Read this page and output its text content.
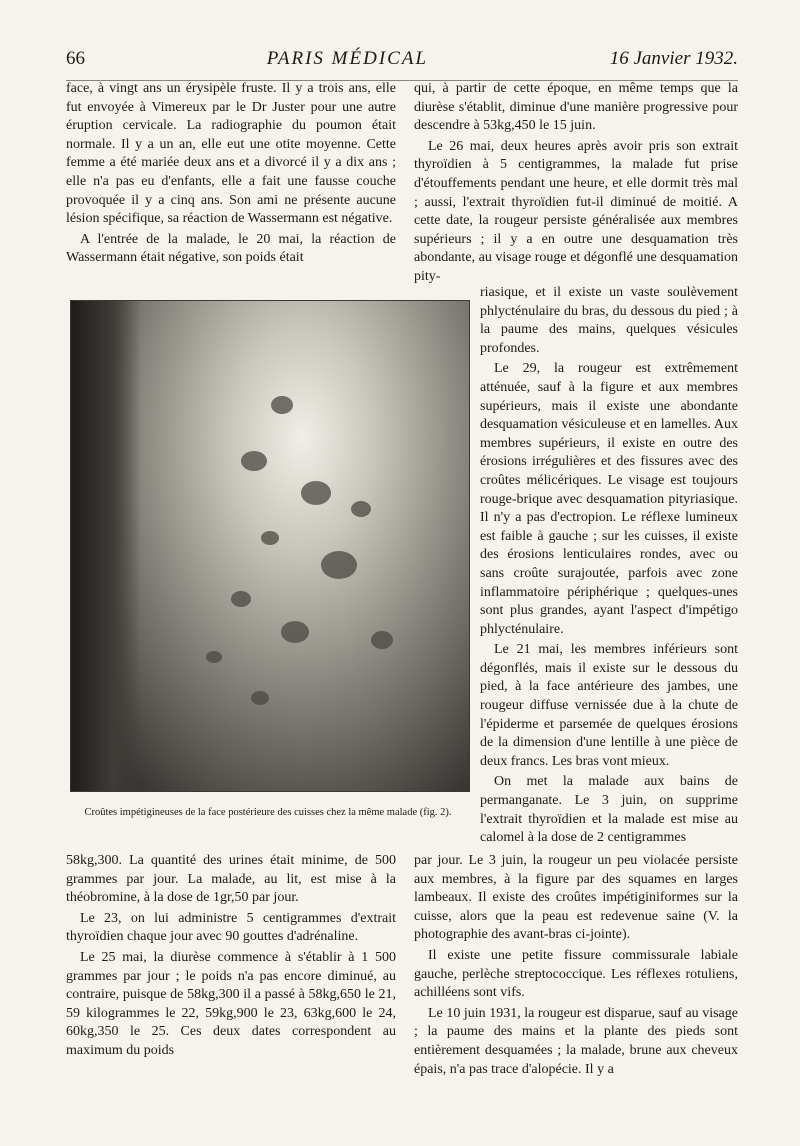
66	PARIS MÉDICAL	16 Janvier 1932.

face, à vingt ans un érysipèle fruste. Il y a trois ans, elle fut envoyée à Vimereux par le Dr Juster pour une autre éruption cervicale. La radiographie du poumon était normale. Il y a un an, elle eut une otite moyenne. Cette femme a été mariée deux ans et a divorcé il y a dix ans ; elle n'a pas eu d'enfants, elle a fait une fausse couche provoquée il y a cinq ans. Son ami ne présente aucune lésion spécifique, sa réaction de Wassermann est négative.

A l'entrée de la malade, le 20 mai, la réaction de Wassermann était négative, son poids était

qui, à partir de cette époque, en même temps que la diurèse s'établit, diminue d'une manière progressive pour descendre à 53kg,450 le 15 juin.

Le 26 mai, deux heures après avoir pris son extrait thyroïdien à 5 centigrammes, la malade fut prise d'étouffements pendant une heure, et elle dormit très mal ; aussi, l'extrait thyroïdien fut-il diminué de moitié. A cette date, la rougeur persiste généralisée aux membres supérieurs ; il y a en outre une desquamation très abondante, au visage rouge et dégonflé une desquamation pity-

riasique, et il existe un vaste soulèvement phlycténulaire du bras, du dessous du pied ; à la paume des mains, quelques vésicules profondes.

Le 29, la rougeur est extrêmement atténuée, sauf à la figure et aux membres supérieurs, mais il existe une abondante desquamation vésiculeuse et en lamelles. Aux membres supérieurs, il existe en outre des érosions irrégulières et des fissures avec des croûtes mélicériques. Le visage est toujours rouge-brique avec desquamation pityriasique. Il n'y a pas d'ectropion. Le réflexe lumineux est faible à gauche ; sur les cuisses, il existe des érosions lenticulaires rondes, avec ou sans croûte surajoutée, parfois avec zone inflammatoire périphérique ; quelques-unes sont plus grandes, ayant l'aspect d'impétigo phlycténulaire.

Le 21 mai, les membres inférieurs sont dégonflés, mais il existe sur le dessous du pied, à la face antérieure des jambes, une rougeur diffuse vernissée due à la chute de l'épiderme et parsemée de quelques érosions de la dimension d'une lentille à une pièce de deux francs. Les bras vont mieux.

On met la malade aux bains de permanganate. Le 3 juin, on supprime l'extrait thyroïdien et la malade est mise au calomel à la dose de 2 centigrammes

Croûtes impétigineuses de la face postérieure des cuisses chez la même malade (fig. 2).

58kg,300. La quantité des urines était minime, de 500 grammes par jour. La malade, au lit, est mise à la théobromine, à la dose de 1gr,50 par jour.

Le 23, on lui administre 5 centigrammes d'extrait thyroïdien chaque jour avec 90 gouttes d'adrénaline.

Le 25 mai, la diurèse commence à s'établir à 1 500 grammes par jour ; le poids n'a pas encore diminué, au contraire, puisque de 58kg,300 il a passé à 58kg,650 le 21, 59 kilogrammes le 22, 59kg,900 le 23, 63kg,600 le 24, 60kg,350 le 25. Ces deux dates correspondent au maximum du poids

par jour. Le 3 juin, la rougeur un peu violacée persiste aux membres, à la figure par des squames en larges lambeaux. Il existe des croûtes impétiginiformes sur la cuisse, alors que la peau est redevenue saine (V. la photographie des avant-bras ci-jointe).

Il existe une petite fissure commissurale labiale gauche, perlèche streptococcique. Les réflexes rotuliens, achilléens sont vifs.

Le 10 juin 1931, la rougeur est disparue, sauf au visage ; la paume des mains et la plante des pieds sont entièrement desquamées ; la malade, brune aux cheveux épais, n'a pas trace d'alopécie. Il y a
